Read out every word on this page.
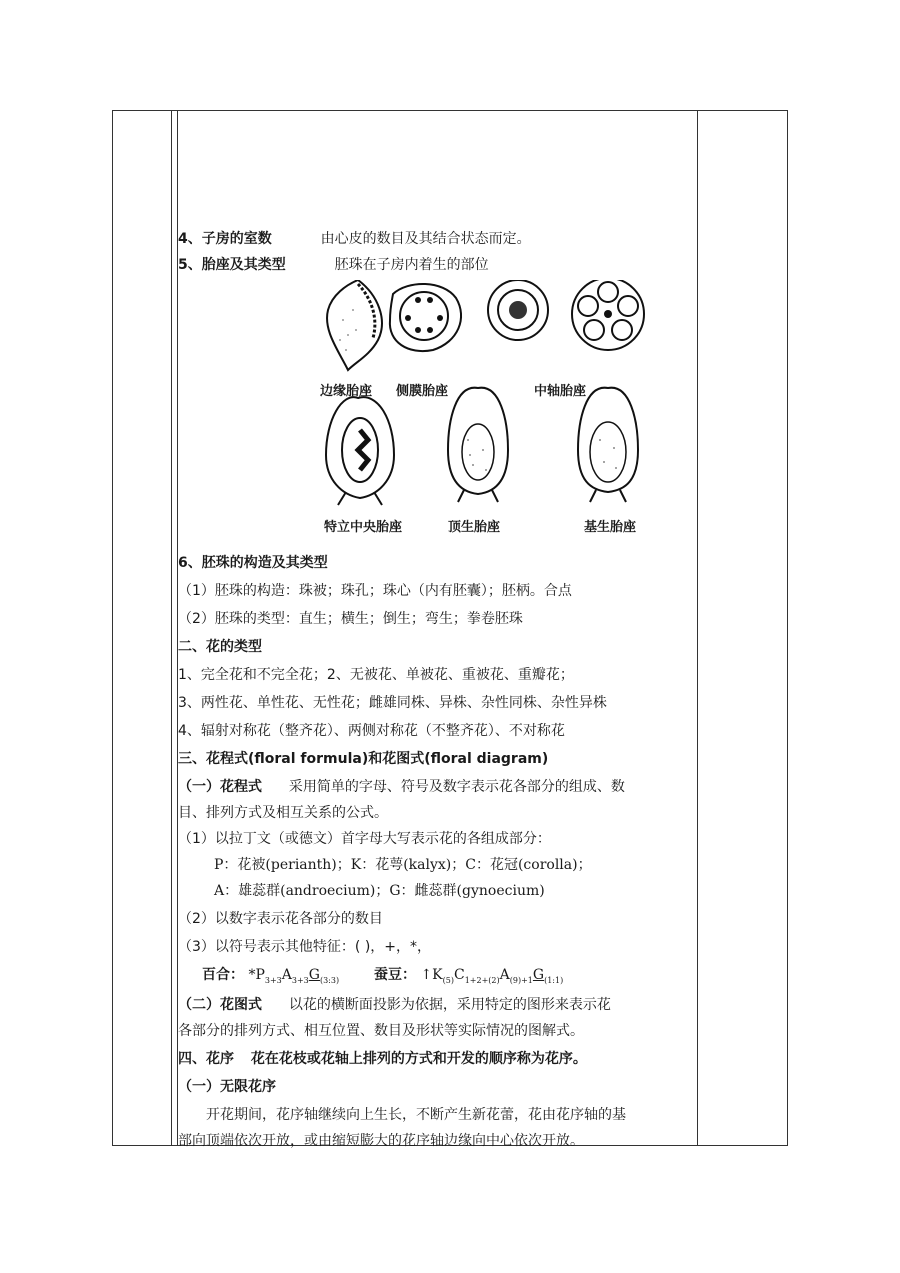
4、子房的室数	由心皮的数目及其结合状态而定。
5、胎座及其类型	胚珠在子房内着生的部位
边缘胎座 侧膜胎座	中轴胎座
特立中央胎座	顶生胎座	基生胎座
6、胚珠的构造及其类型
（1）胚珠的构造：珠被；珠孔；珠心（内有胚囊）；胚柄。合点
（2）胚珠的类型：直生；横生；倒生；弯生；拳卷胚珠
二、花的类型
1、完全花和不完全花；2、无被花、单被花、重被花、重瓣花；
3、两性花、单性花、无性花；雌雄同株、异株、杂性同株、杂性异株
4、辐射对称花（整齐花）、两侧对称花（不整齐花）、不对称花
三、花程式(floral formula)和花图式(floral diagram)
（一）花程式 采用简单的字母、符号及数字表示花各部分的组成、数
目、排列方式及相互关系的公式。
（1）以拉丁文（或德文）首字母大写表示花的各组成部分：
P：花被(perianth)；K：花萼(kalyx)；C：花冠(corolla)；
A：雄蕊群(androecium)；G：雌蕊群(gynoecium)
（2）以数字表示花各部分的数目
（3）以符号表示其他特征：( )，+，*，
百合： $*P_{3+3}A_{3+3}G_{(3:3)}$ 蚕豆： $↑K_{(5)}C_{1+2+(2)}A_{(9)+1}G_{(1:1)}$
（二）花图式 以花的横断面投影为依据，采用特定的图形来表示花
各部分的排列方式、相互位置、数目及形状等实际情况的图解式。
四、花序 花在花枝或花轴上排列的方式和开发的顺序称为花序。
（一）无限花序
开花期间，花序轴继续向上生长，不断产生新花蕾，花由花序轴的基
部向顶端依次开放，或由缩短膨大的花序轴边缘向中心依次开放。
